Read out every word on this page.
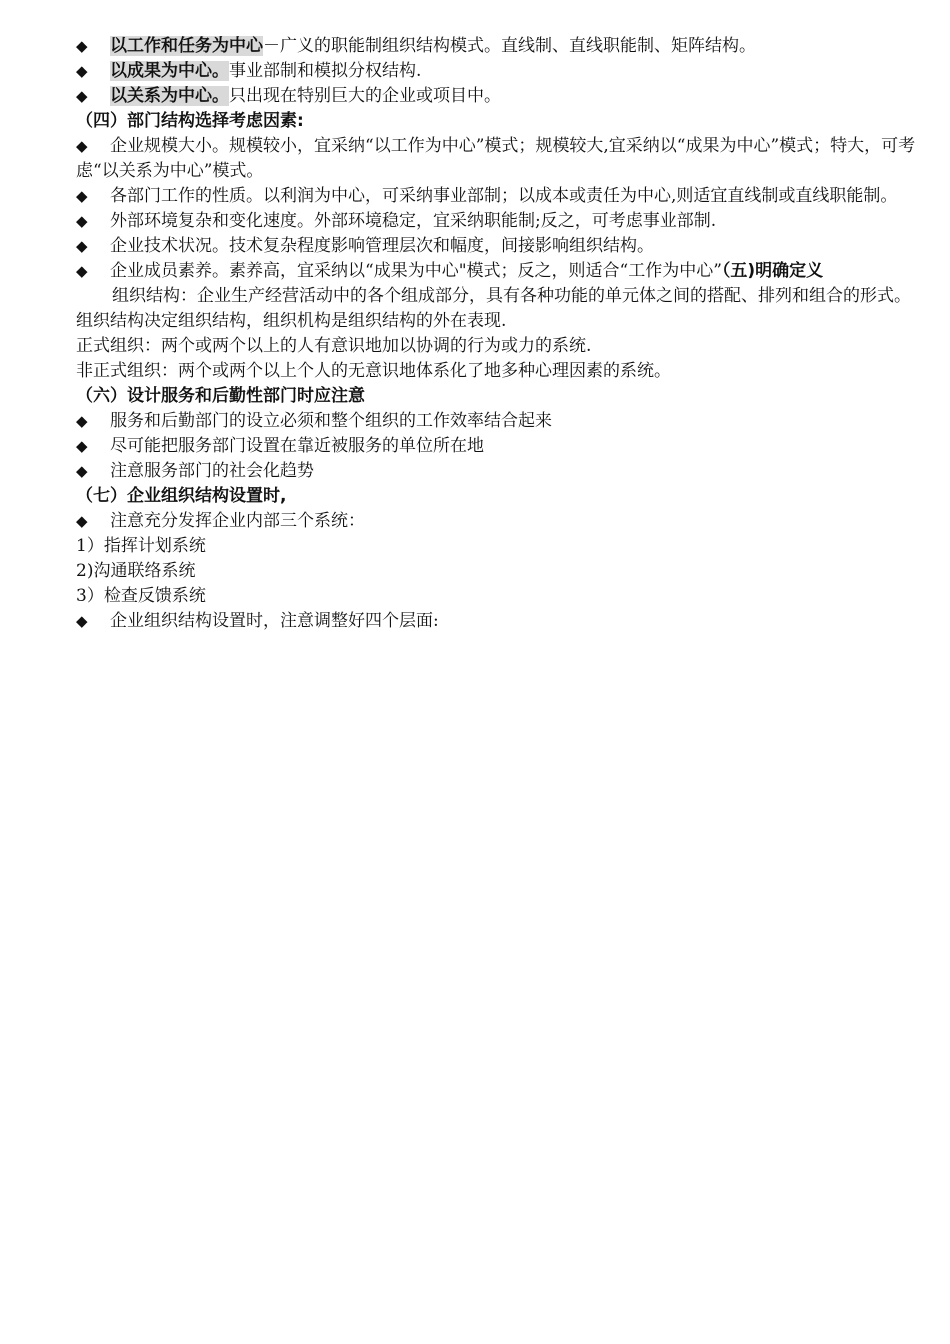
◆ 以工作和任务为中心－广义的职能制组织结构模式。直线制、直线职能制、矩阵结构。

◆ 以成果为中心。事业部制和模拟分权结构.

◆ 以关系为中心。只出现在特别巨大的企业或项目中。

（四）部门结构选择考虑因素:

◆ 企业规模大小。规模较小，宜采纳“以工作为中心”模式；规模较大,宜采纳以“成果为中心”模式；特大，可考虑“以关系为中心”模式。

◆ 各部门工作的性质。以利润为中心，可采纳事业部制；以成本或责任为中心,则适宜直线制或直线职能制。

◆ 外部环境复杂和变化速度。外部环境稳定，宜采纳职能制;反之，可考虑事业部制.

◆ 企业技术状况。技术复杂程度影响管理层次和幅度，间接影响组织结构。

◆ 企业成员素养。素养高，宜采纳以“成果为中心"模式；反之，则适合“工作为中心”（五)明确定义

组织结构：企业生产经营活动中的各个组成部分，具有各种功能的单元体之间的搭配、排列和组合的形式。组织结构决定组织结构，组织机构是组织结构的外在表现.

正式组织：两个或两个以上的人有意识地加以协调的行为或力的系统.

非正式组织：两个或两个以上个人的无意识地体系化了地多种心理因素的系统。

（六）设计服务和后勤性部门时应注意

◆ 服务和后勤部门的设立必须和整个组织的工作效率结合起来

◆ 尽可能把服务部门设置在靠近被服务的单位所在地

◆ 注意服务部门的社会化趋势

（七）企业组织结构设置时,

◆ 注意充分发挥企业内部三个系统：

1）指挥计划系统

2)沟通联络系统

3）检查反馈系统

◆ 企业组织结构设置时，注意调整好四个层面:
